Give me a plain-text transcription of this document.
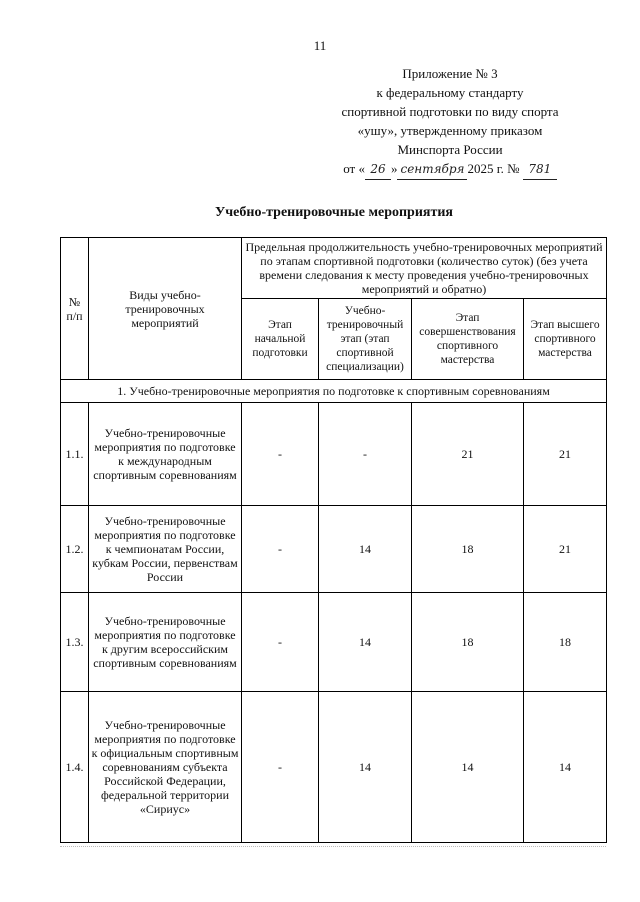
11
Приложение № 3
к федеральному стандарту
спортивной подготовки по виду спорта
«ушу», утвержденному приказом
Минспорта России
от « 26 » сентября 2025 г. № 781
Учебно-тренировочные мероприятия
№ п/п	Виды учебно-тренировочных мероприятий	Предельная продолжительность учебно-тренировочных мероприятий по этапам спортивной подготовки (количество суток) (без учета времени следования к месту проведения учебно-тренировочных мероприятий и обратно)			
		Этап начальной подготовки	Учебно-тренировочный этап (этап спортивной специализации)	Этап совершенствования спортивного мастерства	Этап высшего спортивного мастерства
1. Учебно-тренировочные мероприятия по подготовке к спортивным соревнованиям					
1.1.	Учебно-тренировочные мероприятия по подготовке к международным спортивным соревнованиям	-	-	21	21
1.2.	Учебно-тренировочные мероприятия по подготовке к чемпионатам России, кубкам России, первенствам России	-	14	18	21
1.3.	Учебно-тренировочные мероприятия по подготовке к другим всероссийским спортивным соревнованиям	-	14	18	18
1.4.	Учебно-тренировочные мероприятия по подготовке к официальным спортивным соревнованиям субъекта Российской Федерации, федеральной территории «Сириус»	-	14	14	14
